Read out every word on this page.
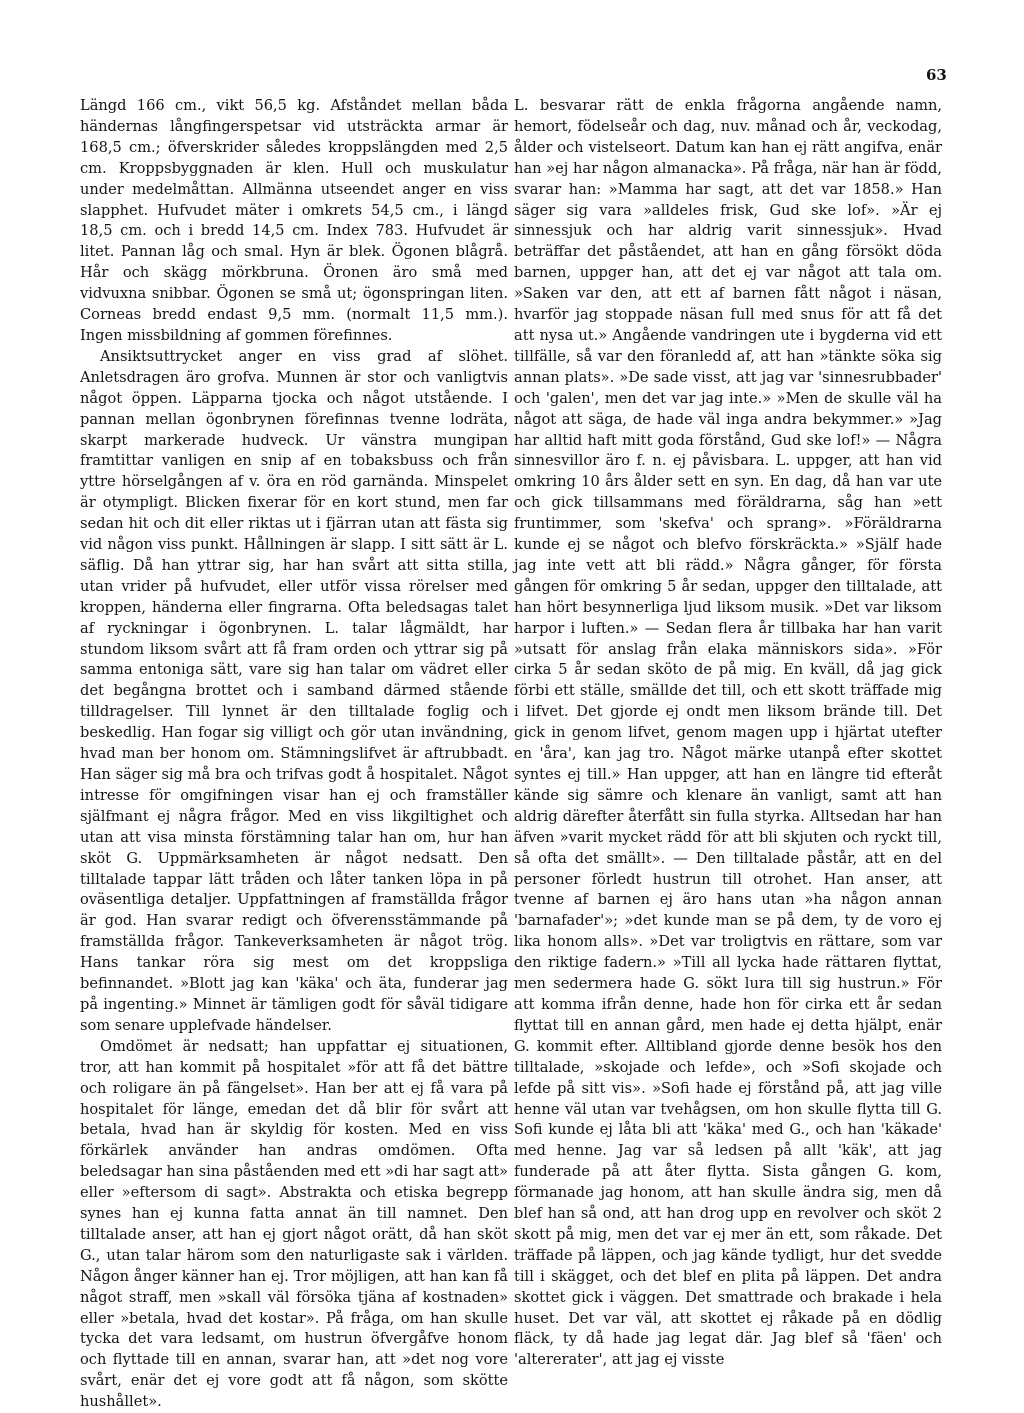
63

Längd 166 cm., vikt 56,5 kg. Afståndet mellan båda händernas långfingerspetsar vid utsträckta armar är 168,5 cm.; öfverskrider således kroppslängden med 2,5 cm. Kroppsbyggnaden är klen. Hull och muskulatur under medelmåttan. Allmänna utseendet anger en viss slapphet. Hufvudet mäter i omkrets 54,5 cm., i längd 18,5 cm. och i bredd 14,5 cm. Index 783. Hufvudet är litet. Pannan låg och smal. Hyn är blek. Ögonen blågrå. Hår och skägg mörkbruna. Öronen äro små med vidvuxna snibbar. Ögonen se små ut; ögonspringan liten. Corneas bredd endast 9,5 mm. (normalt 11,5 mm.). Ingen missbildning af gommen förefinnes.

Ansiktsuttrycket anger en viss grad af slöhet. Anletsdragen äro grofva. Munnen är stor och vanligtvis något öppen. Läpparna tjocka och något utstående. I pannan mellan ögonbrynen förefinnas tvenne lodräta, skarpt markerade hudveck. Ur vänstra mungipan framtittar vanligen en snip af en tobaksbuss och från yttre hörselgången af v. öra en röd garnända. Minspelet är otympligt. Blicken fixerar för en kort stund, men far sedan hit och dit eller riktas ut i fjärran utan att fästa sig vid någon viss punkt. Hållningen är slapp. I sitt sätt är L. säflig. Då han yttrar sig, har han svårt att sitta stilla, utan vrider på hufvudet, eller utför vissa rörelser med kroppen, händerna eller fingrarna. Ofta beledsagas talet af ryckningar i ögonbrynen. L. talar lågmäldt, har stundom liksom svårt att få fram orden och yttrar sig på samma entoniga sätt, vare sig han talar om vädret eller det begångna brottet och i samband därmed stående tilldragelser. Till lynnet är den tilltalade foglig och beskedlig. Han fogar sig villigt och gör utan invändning, hvad man ber honom om. Stämningslifvet är aftrubbadt. Han säger sig må bra och trifvas godt å hospitalet. Något intresse för omgifningen visar han ej och framställer själfmant ej några frågor. Med en viss likgiltighet och utan att visa minsta förstämning talar han om, hur han sköt G. Uppmärksamheten är något nedsatt. Den tilltalade tappar lätt tråden och låter tanken löpa in på oväsentliga detaljer. Uppfattningen af framställda frågor är god. Han svarar redigt och öfverensstämmande på framställda frågor. Tankeverksamheten är något trög. Hans tankar röra sig mest om det kroppsliga befinnandet. »Blott jag kan 'käka' och äta, funderar jag på ingenting.» Minnet är tämligen godt för såväl tidigare som senare upplefvade händelser.

Omdömet är nedsatt; han uppfattar ej situationen, tror, att han kommit på hospitalet »för att få det bättre och roligare än på fängelset». Han ber att ej få vara på hospitalet för länge, emedan det då blir för svårt att betala, hvad han är skyldig för kosten. Med en viss förkärlek använder han andras omdömen. Ofta beledsagar han sina påståenden med ett »di har sagt att» eller »eftersom di sagt». Abstrakta och etiska begrepp synes han ej kunna fatta annat än till namnet. Den tilltalade anser, att han ej gjort något orätt, då han sköt G., utan talar härom som den naturligaste sak i världen. Någon ånger känner han ej. Tror möjligen, att han kan få något straff, men »skall väl försöka tjäna af kostnaden» eller »betala, hvad det kostar». På fråga, om han skulle tycka det vara ledsamt, om hustrun öfvergåfve honom och flyttade till en annan, svarar han, att »det nog vore svårt, enär det ej vore godt att få någon, som skötte hushållet».

L. besvarar rätt de enkla frågorna angående namn, hemort, födelseår och dag, nuv. månad och år, veckodag, ålder och vistelseort. Datum kan han ej rätt angifva, enär han »ej har någon almanacka». På fråga, när han är född, svarar han: »Mamma har sagt, att det var 1858.» Han säger sig vara »alldeles frisk, Gud ske lof». »Är ej sinnessjuk och har aldrig varit sinnessjuk». Hvad beträffar det påståendet, att han en gång försökt döda barnen, uppger han, att det ej var något att tala om. »Saken var den, att ett af barnen fått något i näsan, hvarför jag stoppade näsan full med snus för att få det att nysa ut.» Angående vandringen ute i bygderna vid ett tillfälle, så var den föranledd af, att han »tänkte söka sig annan plats». »De sade visst, att jag var 'sinnesrubbader' och 'galen', men det var jag inte.» »Men de skulle väl ha något att säga, de hade väl inga andra bekymmer.» »Jag har alltid haft mitt goda förstånd, Gud ske lof!» — Några sinnesvillor äro f. n. ej påvisbara. L. uppger, att han vid omkring 10 års ålder sett en syn. En dag, då han var ute och gick tillsammans med föräldrarna, såg han »ett fruntimmer, som 'skefva' och sprang». »Föräldrarna kunde ej se något och blefvo förskräckta.» »Själf hade jag inte vett att bli rädd.» Några gånger, för första gången för omkring 5 år sedan, uppger den tilltalade, att han hört besynnerliga ljud liksom musik. »Det var liksom harpor i luften.» — Sedan flera år tillbaka har han varit »utsatt för anslag från elaka människors sida». »För cirka 5 år sedan sköto de på mig. En kväll, då jag gick förbi ett ställe, smällde det till, och ett skott träffade mig i lifvet. Det gjorde ej ondt men liksom brände till. Det gick in genom lifvet, genom magen upp i hjärtat utefter en 'åra', kan jag tro. Något märke utanpå efter skottet syntes ej till.» Han uppger, att han en längre tid efteråt kände sig sämre och klenare än vanligt, samt att han aldrig därefter återfått sin fulla styrka. Alltsedan har han äfven »varit mycket rädd för att bli skjuten och ryckt till, så ofta det smällt». — Den tilltalade påstår, att en del personer förledt hustrun till otrohet. Han anser, att tvenne af barnen ej äro hans utan »ha någon annan 'barnafader'»; »det kunde man se på dem, ty de voro ej lika honom alls». »Det var troligtvis en rättare, som var den riktige fadern.» »Till all lycka hade rättaren flyttat, men sedermera hade G. sökt lura till sig hustrun.» För att komma ifrån denne, hade hon för cirka ett år sedan flyttat till en annan gård, men hade ej detta hjälpt, enär G. kommit efter. Alltibland gjorde denne besök hos den tilltalade, »skojade och lefde», och »Sofi skojade och lefde på sitt vis». »Sofi hade ej förstånd på, att jag ville henne väl utan var tvehågsen, om hon skulle flytta till G. Sofi kunde ej låta bli att 'käka' med G., och han 'käkade' med henne. Jag var så ledsen på allt 'käk', att jag funderade på att åter flytta. Sista gången G. kom, förmanade jag honom, att han skulle ändra sig, men då blef han så ond, att han drog upp en revolver och sköt 2 skott på mig, men det var ej mer än ett, som råkade. Det träffade på läppen, och jag kände tydligt, hur det svedde till i skägget, och det blef en plita på läppen. Det andra skottet gick i väggen. Det smattrade och brakade i hela huset. Det var väl, att skottet ej råkade på en dödlig fläck, ty då hade jag legat där. Jag blef så 'fäen' och 'altererater', att jag ej visste
